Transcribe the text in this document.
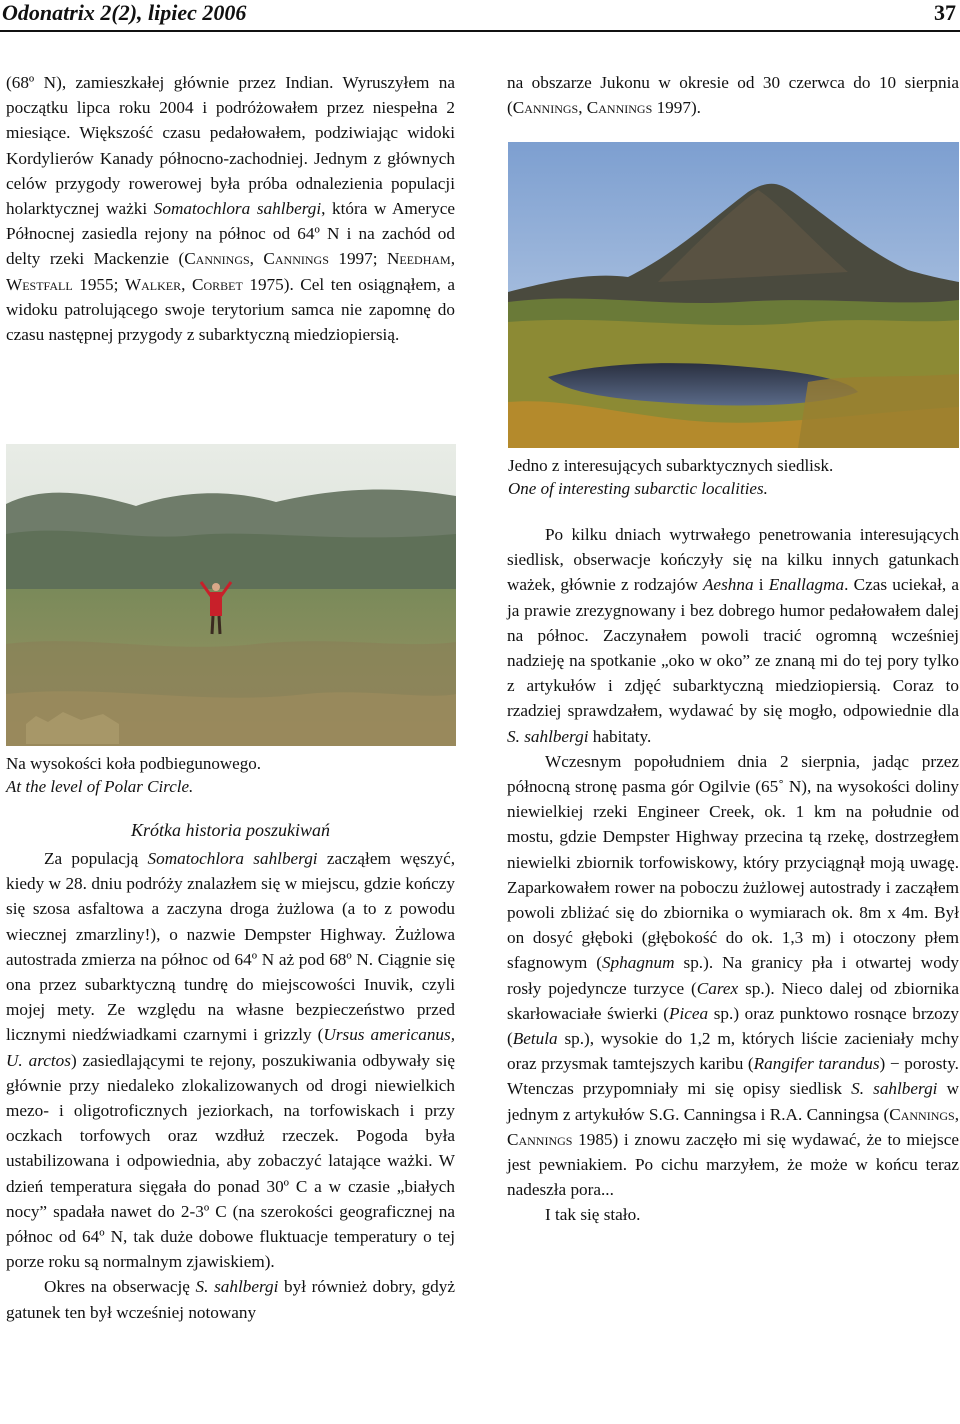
Odonatrix 2(2), lipiec 2006	37

(68º N), zamieszkałej głównie przez Indian. Wyruszyłem na początku lipca roku 2004 i podróżowałem przez niespełna 2 miesiące. Większość czasu pedałowałem, podziwiając widoki Kordylierów Kanady północno-zachodniej. Jednym z głównych celów przygody rowerowej była próba odnalezienia populacji holarktycznej ważki Somatochlora sahlbergi, która w Ameryce Północnej zasiedla rejony na północ od 64º N i na zachód od delty rzeki Mackenzie (Cannings, Cannings 1997; Needham, Westfall 1955; Walker, Corbet 1975). Cel ten osiągnąłem, a widoku patrolującego swoje terytorium samca nie zapomnę do czasu następnej przygody z subarktyczną miedziopiersią.

Na wysokości koła podbiegunowego.
At the level of Polar Circle.
Krótka historia poszukiwań

Za populacją Somatochlora sahlbergi zacząłem węszyć, kiedy w 28. dniu podróży znalazłem się w miejscu, gdzie kończy się szosa asfaltowa a zaczyna droga żużlowa (a to z powodu wiecznej zmarzliny!), o nazwie Dempster Highway. Żużlowa autostrada zmierza na północ od 64º N aż pod 68º N. Ciągnie się ona przez subarktyczną tundrę do miejscowości Inuvik, czyli mojej mety. Ze względu na własne bezpieczeństwo przed licznymi niedźwiadkami czarnymi i grizzly (Ursus americanus, U. arctos) zasiedlającymi te rejony, poszukiwania odbywały się głównie przy niedaleko zlokalizowanych od drogi niewielkich mezo- i oligotroficznych jeziorkach, na torfowiskach i przy oczkach torfowych oraz wzdłuż rzeczek. Pogoda była ustabilizowana i odpowiednia, aby zobaczyć latające ważki. W dzień temperatura sięgała do ponad 30º C a w czasie „białych nocy” spadała nawet do 2-3º C (na szerokości geograficznej na północ od 64º N, tak duże dobowe fluktuacje temperatury o tej porze roku są normalnym zjawiskiem).

Okres na obserwację S. sahlbergi był również dobry, gdyż gatunek ten był wcześniej notowany

na obszarze Jukonu w okresie od 30 czerwca do 10 sierpnia (Cannings, Cannings 1997).

Jedno z interesujących subarktycznych siedlisk.
One of interesting subarctic localities.

Po kilku dniach wytrwałego penetrowania interesujących siedlisk, obserwacje kończyły się na kilku innych gatunkach ważek, głównie z rodzajów Aeshna i Enallagma. Czas uciekał, a ja prawie zrezygnowany i bez dobrego humor pedałowałem dalej na północ. Zaczynałem powoli tracić ogromną wcześniej nadzieję na spotkanie „oko w oko” ze znaną mi do tej pory tylko z artykułów i zdjęć subarktyczną miedziopiersią. Coraz to rzadziej sprawdzałem, wydawać by się mogło, odpowiednie dla S. sahlbergi habitaty.

Wczesnym popołudniem dnia 2 sierpnia, jadąc przez północną stronę pasma gór Ogilvie (65˚ N), na wysokości doliny niewielkiej rzeki Engineer Creek, ok. 1 km na południe od mostu, gdzie Dempster Highway przecina tą rzekę, dostrzegłem niewielki zbiornik torfowiskowy, który przyciągnął moją uwagę. Zaparkowałem rower na poboczu żużlowej autostrady i zacząłem powoli zbliżać się do zbiornika o wymiarach ok. 8m x 4m. Był on dosyć głęboki (głębokość do ok. 1,3 m) i otoczony płem sfagnowym (Sphagnum sp.). Na granicy pła i otwartej wody rosły pojedyncze turzyce (Carex sp.). Nieco dalej od zbiornika skarłowaciałe świerki (Picea sp.) oraz punktowo rosnące brzozy (Betula sp.), wysokie do 1,2 m, których liście zacieniały mchy oraz przysmak tamtejszych karibu (Rangifer tarandus) − porosty. Wtenczas przypomniały mi się opisy siedlisk S. sahlbergi w jednym z artykułów S.G. Canningsa i R.A. Canningsa (Cannings, Cannings 1985) i znowu zaczęło mi się wydawać, że to miejsce jest pewniakiem. Po cichu marzyłem, że może w końcu teraz nadeszła pora...

I tak się stało.
